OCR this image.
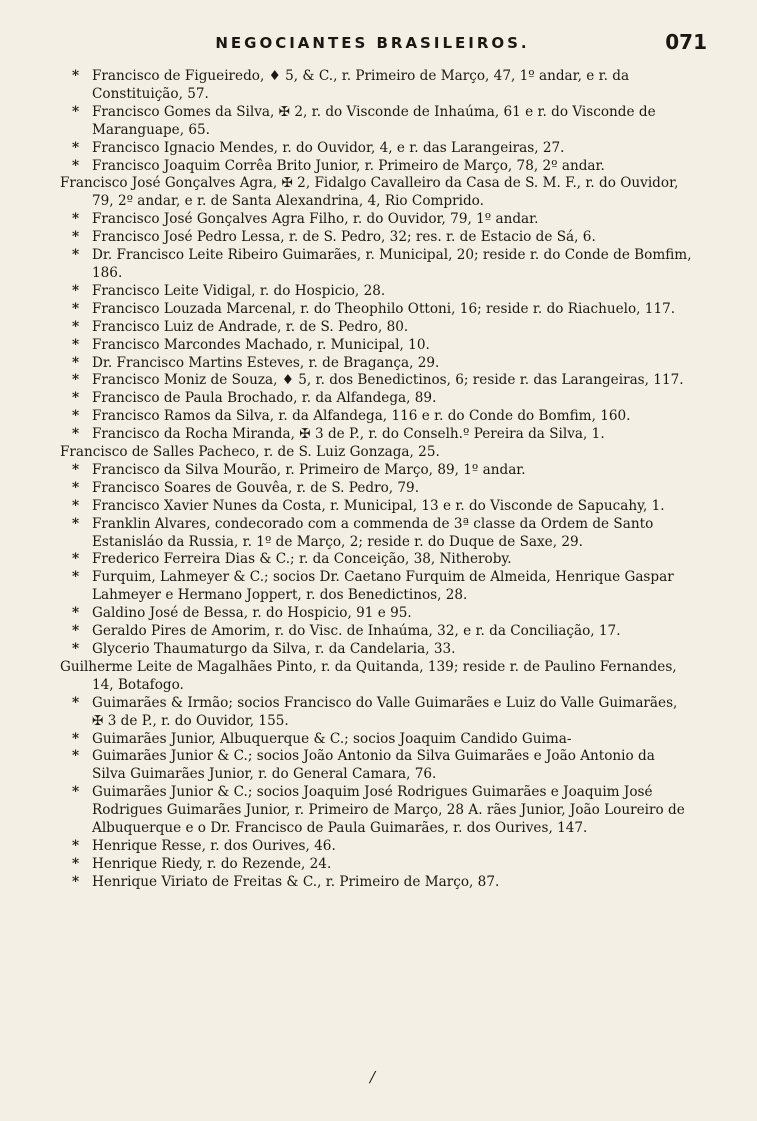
NEGOCIANTES BRASILEIROS.	071
* Francisco de Figueiredo, ♦ 5, & C., r. Primeiro de Março, 47, 1º andar, e r. da Constituição, 57.
* Francisco Gomes da Silva, ✠ 2, r. do Visconde de Inhaúma, 61 e r. do Visconde de Maranguape, 65.
* Francisco Ignacio Mendes, r. do Ouvidor, 4, e r. das Larangeiras, 27.
* Francisco Joaquim Corrêa Brito Junior, r. Primeiro de Março, 78, 2º andar.
Francisco José Gonçalves Agra, ✠ 2, Fidalgo Cavalleiro da Casa de S. M. F., r. do Ouvidor, 79, 2º andar, e r. de Santa Alexandrina, 4, Rio Comprido.
* Francisco José Gonçalves Agra Filho, r. do Ouvidor, 79, 1º andar.
* Francisco José Pedro Lessa, r. de S. Pedro, 32; res. r. de Estacio de Sá, 6.
* Dr. Francisco Leite Ribeiro Guimarães, r. Municipal, 20; reside r. do Conde de Bomfim, 186.
* Francisco Leite Vidigal, r. do Hospicio, 28.
* Francisco Louzada Marcenal, r. do Theophilo Ottoni, 16; reside r. do Riachuelo, 117.
* Francisco Luiz de Andrade, r. de S. Pedro, 80.
* Francisco Marcondes Machado, r. Municipal, 10.
* Dr. Francisco Martins Esteves, r. de Bragança, 29.
* Francisco Moniz de Souza, ♦ 5, r. dos Benedictinos, 6; reside r. das Larangeiras, 117.
* Francisco de Paula Brochado, r. da Alfandega, 89.
* Francisco Ramos da Silva, r. da Alfandega, 116 e r. do Conde do Bomfim, 160.
* Francisco da Rocha Miranda, ✠ 3 de P., r. do Conselh.º Pereira da Silva, 1.
Francisco de Salles Pacheco, r. de S. Luiz Gonzaga, 25.
* Francisco da Silva Mourão, r. Primeiro de Março, 89, 1º andar.
* Francisco Soares de Gouvêa, r. de S. Pedro, 79.
* Francisco Xavier Nunes da Costa, r. Municipal, 13 e r. do Visconde de Sapucahy, 1.
* Franklin Alvares, condecorado com a commenda de 3ª classe da Ordem de Santo Estanisláo da Russia, r. 1º de Março, 2; reside r. do Duque de Saxe, 29.
* Frederico Ferreira Dias & C.; r. da Conceição, 38, Nitheroby.
* Furquim, Lahmeyer & C.; socios Dr. Caetano Furquim de Almeida, Henrique Gaspar Lahmeyer e Hermano Joppert, r. dos Benedictinos, 28.
* Galdino José de Bessa, r. do Hospicio, 91 e 95.
* Geraldo Pires de Amorim, r. do Visc. de Inhaúma, 32, e r. da Conciliação, 17.
* Glycerio Thaumaturgo da Silva, r. da Candelaria, 33.
Guilherme Leite de Magalhães Pinto, r. da Quitanda, 139; reside r. de Paulino Fernandes, 14, Botafogo.
* Guimarães & Irmão; socios Francisco do Valle Guimarães e Luiz do Valle Guimarães, ✠ 3 de P., r. do Ouvidor, 155.
* Guimarães Junior, Albuquerque & C.; socios Joaquim Candido Guima-
* Guimarães Junior & C.; socios João Antonio da Silva Guimarães e João Antonio da Silva Guimarães Junior, r. do General Camara, 76.
* Guimarães Junior & C.; socios Joaquim José Rodrigues Guimarães e Joaquim José Rodrigues Guimarães Junior, r. Primeiro de Março, 28 A. rães Junior, João Loureiro de Albuquerque e o Dr. Francisco de Paula Guimarães, r. dos Ourives, 147.
* Henrique Resse, r. dos Ourives, 46.
* Henrique Riedy, r. do Rezende, 24.
* Henrique Viriato de Freitas & C., r. Primeiro de Março, 87.
/
